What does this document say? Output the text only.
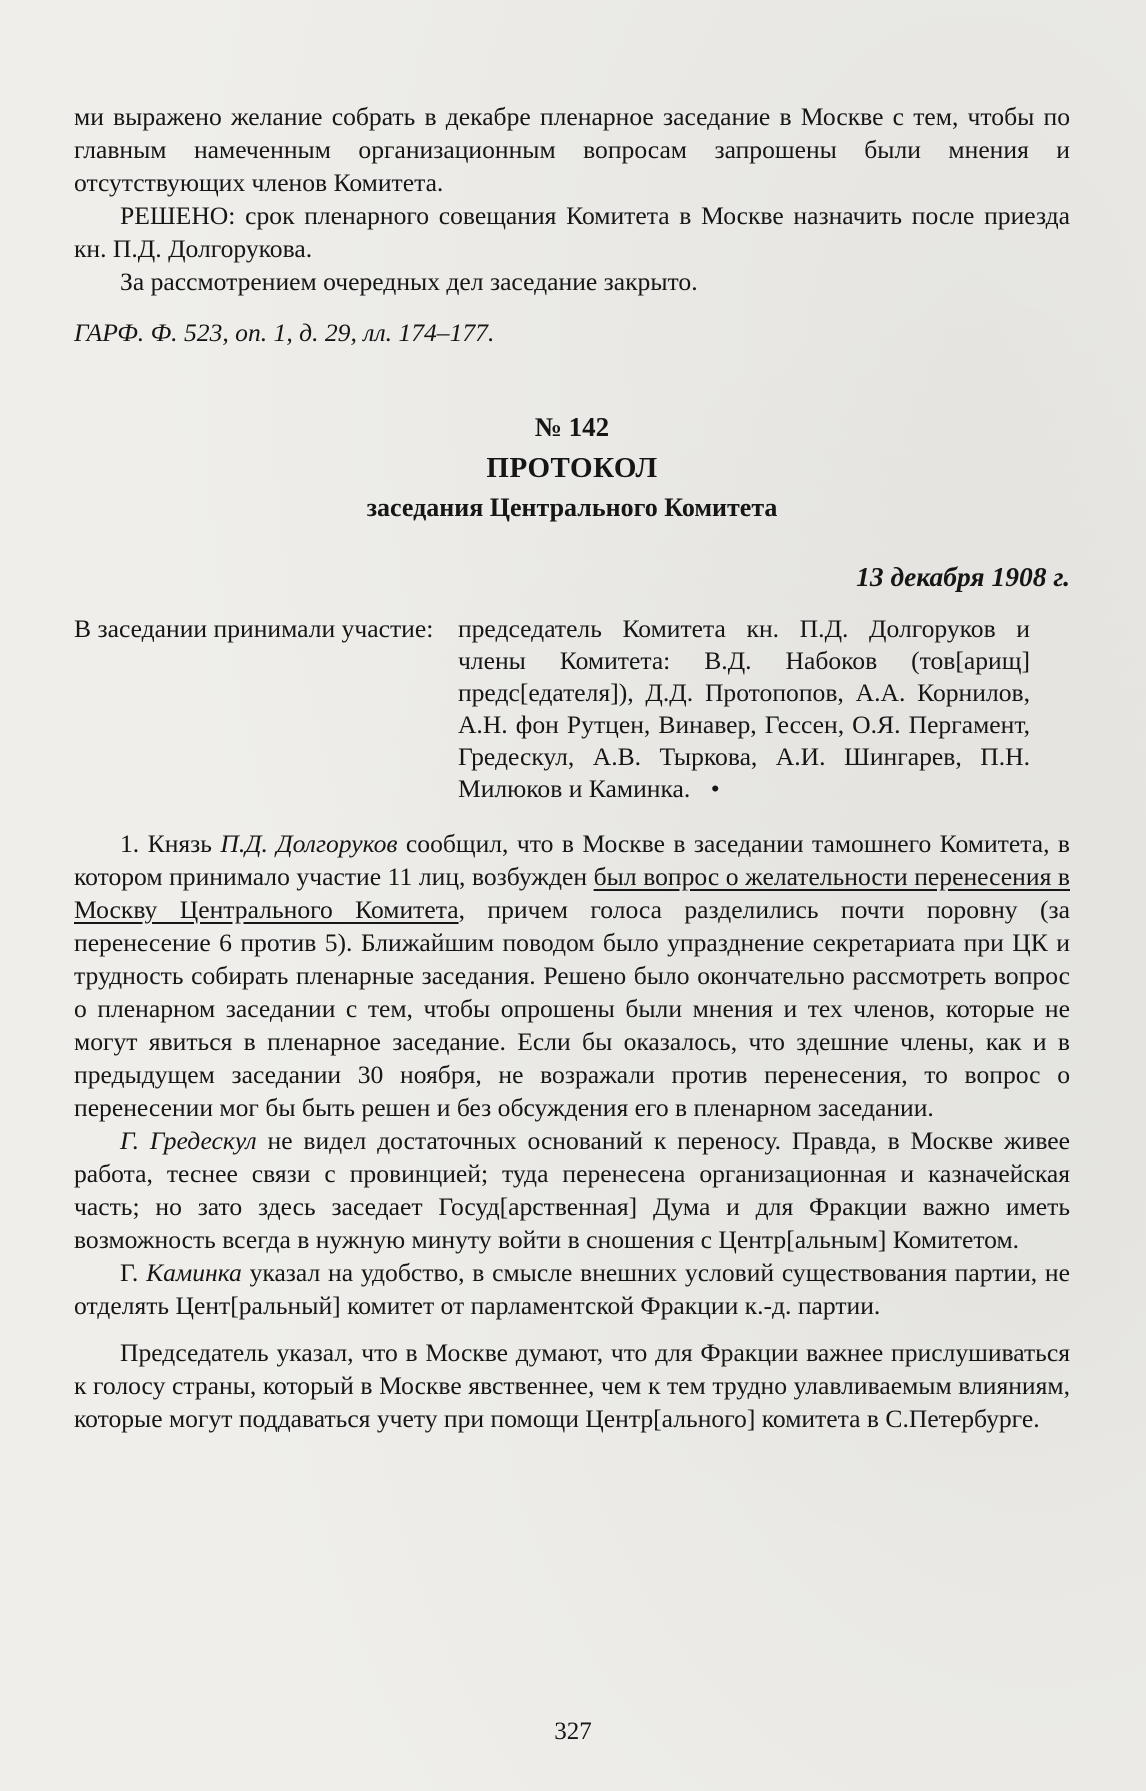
ми выражено желание собрать в декабре пленарное заседание в Москве с тем, чтобы по главным намеченным организационным вопросам запрошены были мнения и отсутствующих членов Комитета.

РЕШЕНО: срок пленарного совещания Комитета в Москве назначить после приезда кн. П.Д. Долгорукова.

За рассмотрением очередных дел заседание закрыто.

ГАРФ. Ф. 523, оп. 1, д. 29, лл. 174–177.

№ 142
ПРОТОКОЛ
заседания Центрального Комитета
13 декабря 1908 г.
В заседании принимали участие: председатель Комитета кн. П.Д. Долгоруков и члены Комитета: В.Д. Набоков (тов[арищ] предс[едателя]), Д.Д. Протопопов, А.А. Корнилов, А.Н. фон Рутцен, Винавер, Гессен, О.Я. Пергамент, Гредескул, А.В. Тыркова, А.И. Шингарев, П.Н. Милюков и Каминка. •

1. Князь П.Д. Долгоруков сообщил, что в Москве в заседании тамошнего Комитета, в котором принимало участие 11 лиц, возбужден был вопрос о желательности перенесения в Москву Центрального Комитета, причем голоса разделились почти поровну (за перенесение 6 против 5). Ближайшим поводом было упразднение секретариата при ЦК и трудность собирать пленарные заседания. Решено было окончательно рассмотреть вопрос о пленарном заседании с тем, чтобы опрошены были мнения и тех членов, которые не могут явиться в пленарное заседание. Если бы оказалось, что здешние члены, как и в предыдущем заседании 30 ноября, не возражали против перенесения, то вопрос о перенесении мог бы быть решен и без обсуждения его в пленарном заседании.

Г. Гредескул не видел достаточных оснований к переносу. Правда, в Москве живее работа, теснее связи с провинцией; туда перенесена организационная и казначейская часть; но зато здесь заседает Госуд[арственная] Дума и для Фракции важно иметь возможность всегда в нужную минуту войти в сношения с Центр[альным] Комитетом.

Г. Каминка указал на удобство, в смысле внешних условий существования партии, не отделять Цент[ральный] комитет от парламентской Фракции к.-д. партии.

Председатель указал, что в Москве думают, что для Фракции важнее прислушиваться к голосу страны, который в Москве явственнее, чем к тем трудно улавливаемым влияниям, которые могут поддаваться учету при помощи Центр[ального] комитета в С.Петербурге.

327
